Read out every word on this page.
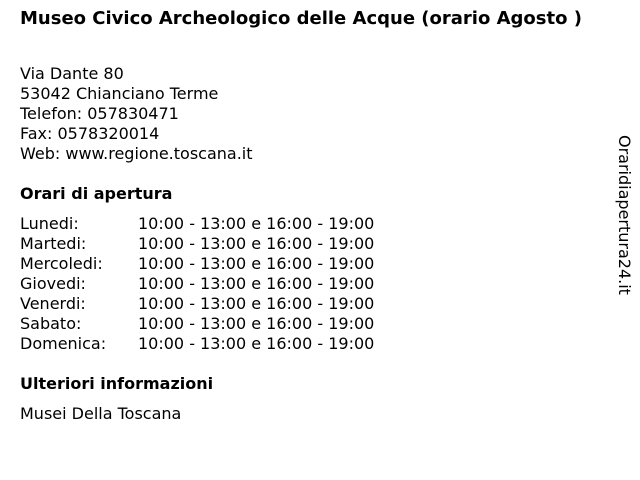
Museo Civico Archeologico delle Acque (orario Agosto )
Via Dante 80
53042 Chianciano Terme
Telefon: 057830471
Fax: 0578320014
Web: www.regione.toscana.it
Orari di apertura
Lunedi:	10:00 - 13:00 e 16:00 - 19:00
Martedi:	10:00 - 13:00 e 16:00 - 19:00
Mercoledi:	10:00 - 13:00 e 16:00 - 19:00
Giovedi:	10:00 - 13:00 e 16:00 - 19:00
Venerdi:	10:00 - 13:00 e 16:00 - 19:00
Sabato:	10:00 - 13:00 e 16:00 - 19:00
Domenica:	10:00 - 13:00 e 16:00 - 19:00
Ulteriori informazioni
Musei Della Toscana
Oraridiapertura24.it
